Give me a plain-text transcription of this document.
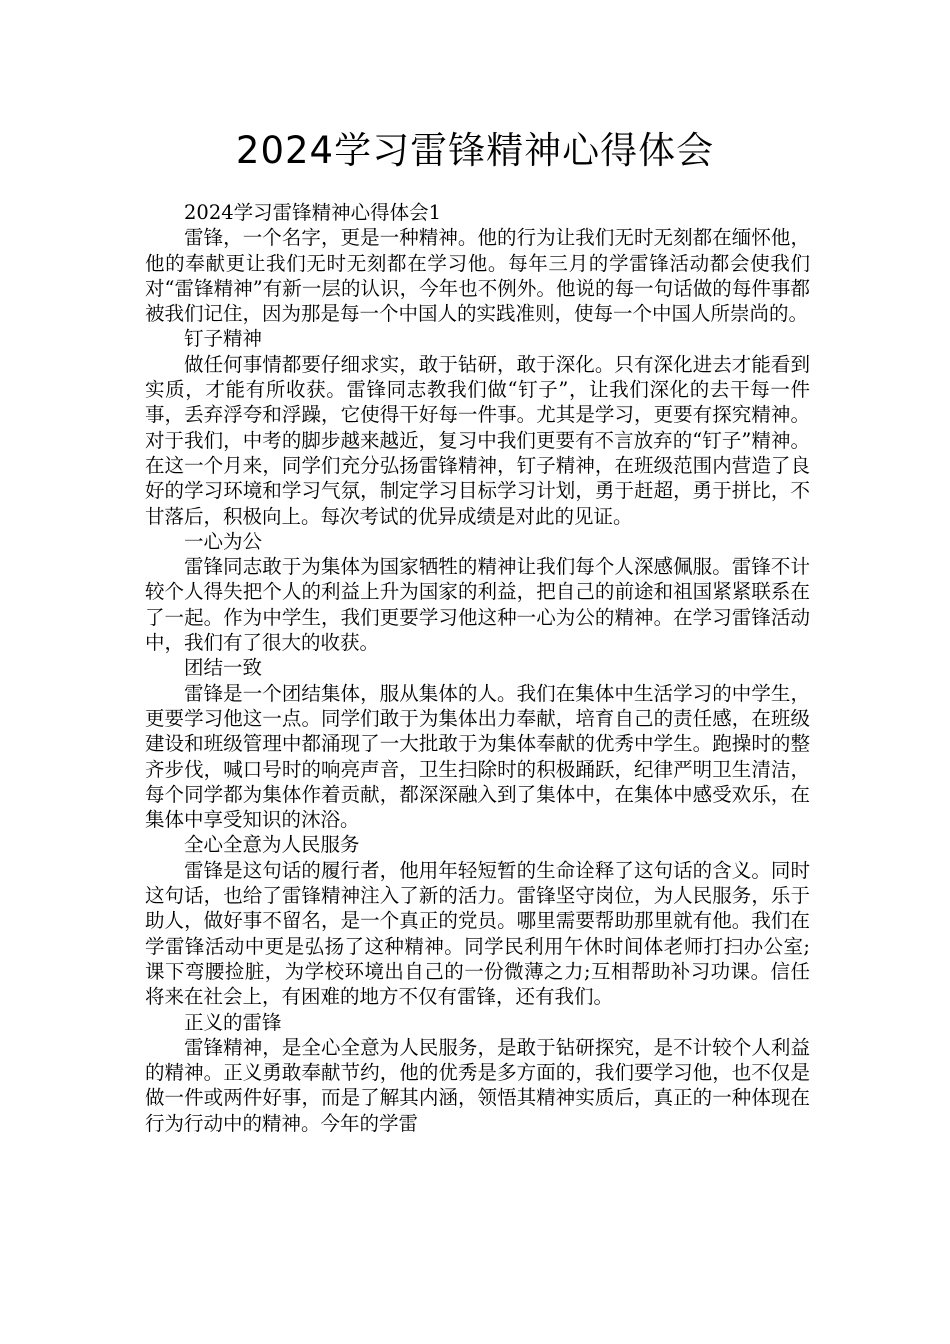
2024学习雷锋精神心得体会

2024学习雷锋精神心得体会1

雷锋，一个名字，更是一种精神。他的行为让我们无时无刻都在缅怀他，他的奉献更让我们无时无刻都在学习他。每年三月的学雷锋活动都会使我们对“雷锋精神”有新一层的认识，今年也不例外。他说的每一句话做的每件事都被我们记住，因为那是每一个中国人的实践准则，使每一个中国人所崇尚的。

钉子精神

做任何事情都要仔细求实，敢于钻研，敢于深化。只有深化进去才能看到实质，才能有所收获。雷锋同志教我们做“钉子”，让我们深化的去干每一件事，丢弃浮夸和浮躁，它使得干好每一件事。尤其是学习，更要有探究精神。对于我们，中考的脚步越来越近，复习中我们更要有不言放弃的“钉子”精神。在这一个月来，同学们充分弘扬雷锋精神，钉子精神，在班级范围内营造了良好的学习环境和学习气氛，制定学习目标学习计划，勇于赶超，勇于拼比，不甘落后，积极向上。每次考试的优异成绩是对此的见证。

一心为公

雷锋同志敢于为集体为国家牺牲的精神让我们每个人深感佩服。雷锋不计较个人得失把个人的利益上升为国家的利益，把自己的前途和祖国紧紧联系在了一起。作为中学生，我们更要学习他这种一心为公的精神。在学习雷锋活动中，我们有了很大的收获。

团结一致

雷锋是一个团结集体，服从集体的人。我们在集体中生活学习的中学生，更要学习他这一点。同学们敢于为集体出力奉献，培育自己的责任感，在班级建设和班级管理中都涌现了一大批敢于为集体奉献的优秀中学生。跑操时的整齐步伐，喊口号时的响亮声音，卫生扫除时的积极踊跃，纪律严明卫生清洁，每个同学都为集体作着贡献，都深深融入到了集体中，在集体中感受欢乐，在集体中享受知识的沐浴。

全心全意为人民服务

雷锋是这句话的履行者，他用年轻短暂的生命诠释了这句话的含义。同时这句话，也给了雷锋精神注入了新的活力。雷锋坚守岗位，为人民服务，乐于助人，做好事不留名，是一个真正的党员。哪里需要帮助那里就有他。我们在学雷锋活动中更是弘扬了这种精神。同学民利用午休时间体老师打扫办公室;课下弯腰捡脏，为学校环境出自己的一份微薄之力;互相帮助补习功课。信任将来在社会上，有困难的地方不仅有雷锋，还有我们。

正义的雷锋

雷锋精神，是全心全意为人民服务，是敢于钻研探究，是不计较个人利益的精神。正义勇敢奉献节约，他的优秀是多方面的，我们要学习他，也不仅是做一件或两件好事，而是了解其内涵，领悟其精神实质后，真正的一种体现在行为行动中的精神。今年的学雷
